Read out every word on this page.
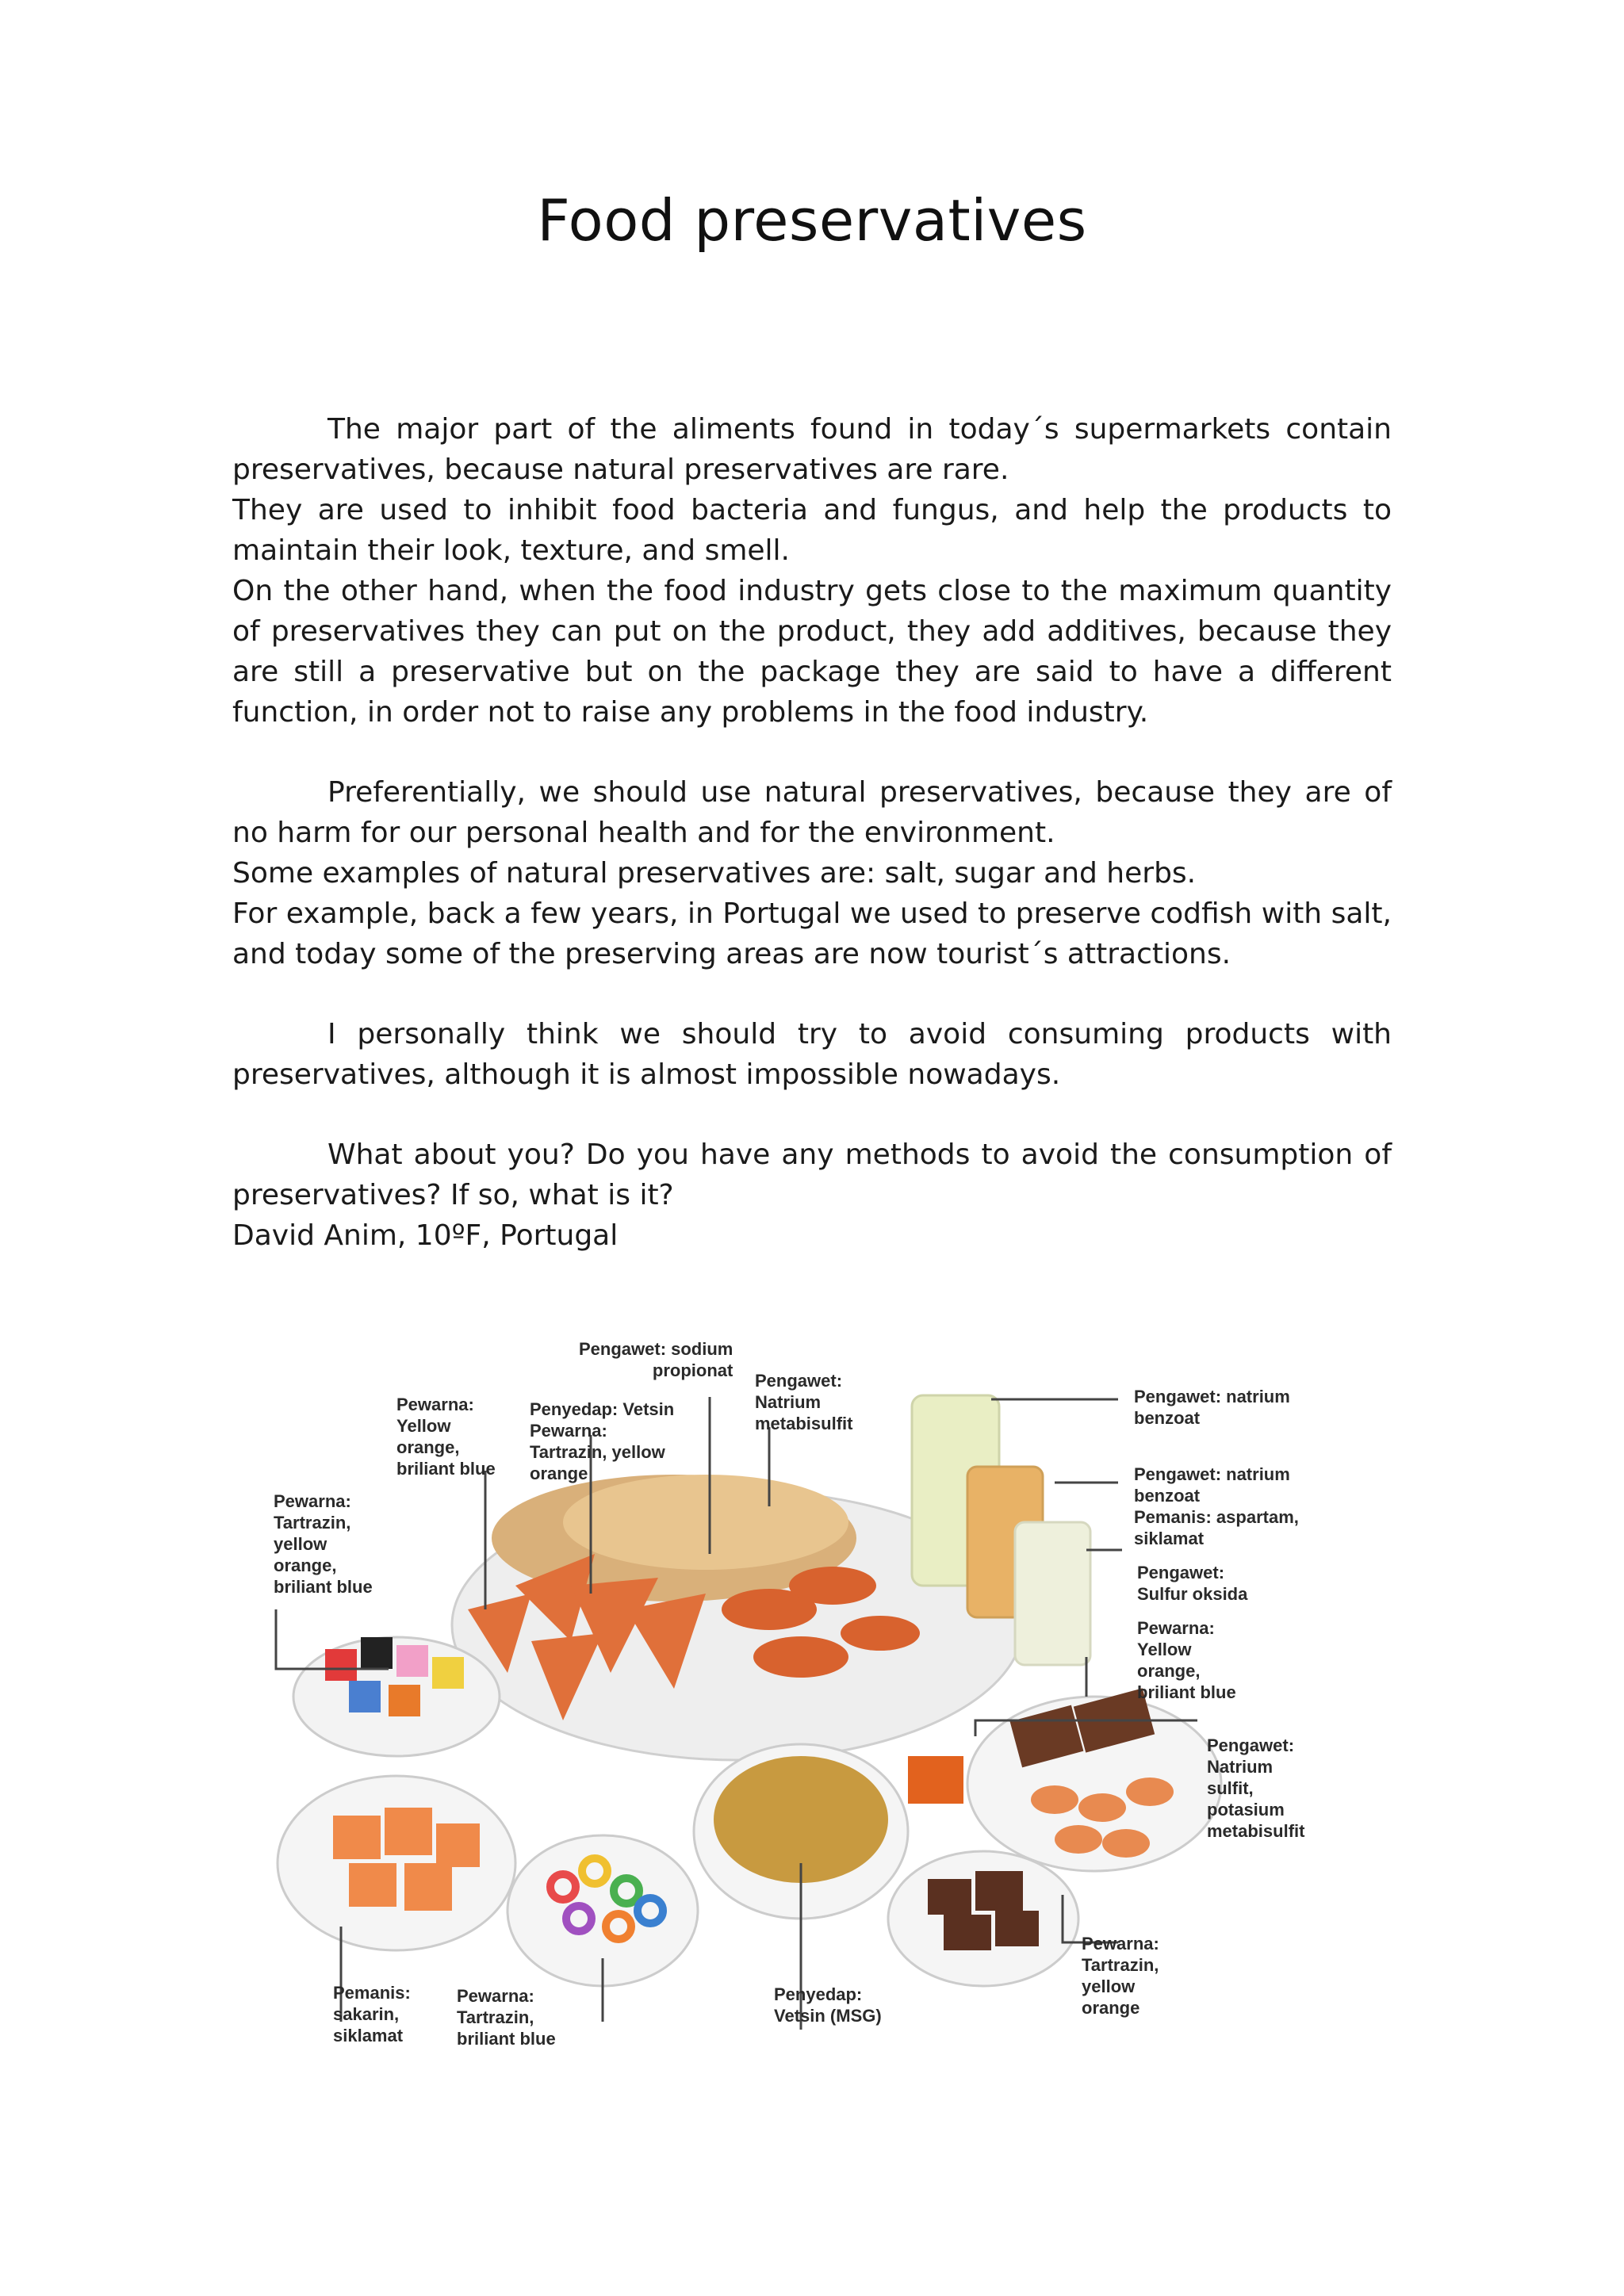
Food preservatives

The major part of the aliments found in today´s supermarkets contain preservatives, because natural preservatives are rare.

They are used to inhibit food bacteria and fungus, and help the products to maintain their look, texture, and smell.

On the other hand, when the food industry gets close to the maximum quantity of preservatives they can put on the product, they add additives, because they are still a preservative but on the package they are said to have a different function, in order not to raise any problems in the food industry.

Preferentially, we should use natural preservatives, because they are of no harm for our personal health and for the environment.

Some examples of natural preservatives are: salt, sugar and herbs.

For example, back a few years, in Portugal we used to preserve codfish with salt, and today some of the preserving areas are now tourist´s attractions.

I personally think we should try to avoid consuming products with preservatives, although it is almost impossible nowadays.

What about you? Do you have any methods to avoid the consumption of preservatives? If so, what is it?

David Anim, 10ºF, Portugal

Pengawet: sodium
propionat
Pengawet:
Natrium
metabisulfit
Penyedap: Vetsin
Pewarna:
Tartrazin, yellow
orange
Pewarna:
Yellow
orange,
briliant blue
Pewarna:
Tartrazin,
yellow
orange,
briliant blue
Pengawet: natrium
benzoat
Pengawet: natrium
benzoat
Pemanis: aspartam,
siklamat
Pengawet:
Sulfur oksida
Pewarna:
Yellow
orange,
briliant blue
Pengawet:
Natrium
sulfit,
potasium
metabisulfit
Pewarna:
Tartrazin,
yellow
orange
Pemanis:
sakarin,
siklamat
Pewarna:
Tartrazin,
briliant blue
Penyedap:
Vetsin (MSG)
